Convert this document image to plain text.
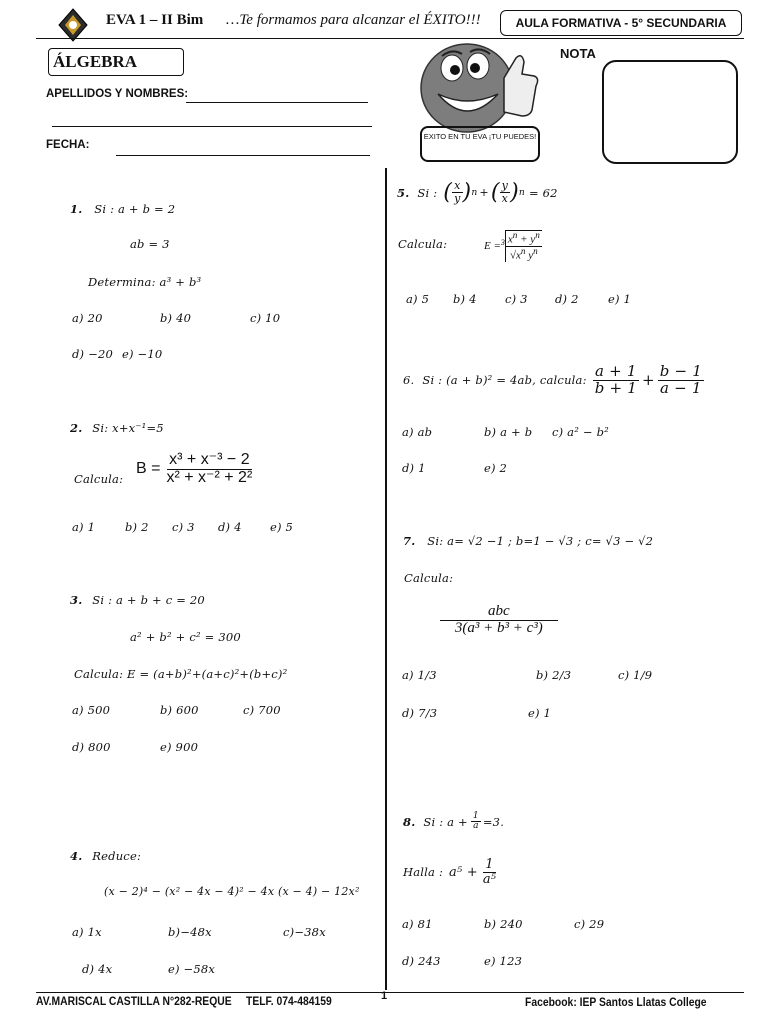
EVA 1 – II Bim …Te formamos para alcanzar el ÉXITO!!!	AULA FORMATIVA - 5° SECUNDARIA
ÁLGEBRA
APELLIDOS Y NOMBRES:
FECHA:
EXITO EN TU EVA ¡TU PUEDES!
NOTA
1. Si : a + b = 2
ab = 3
Determina: a³ + b³
a) 20	b) 40	c) 10
d) −20 e) −10
2. Si: x+x⁻¹=5
Calcula:
$B = \frac{\text{x³ + x⁻³ − 2}}{\text{x² + x⁻² + 2²}}$
a) 1	b) 2 c) 3 d) 4 e) 5
3. Si : a + b + c = 20
a² + b² + c² = 300
Calcula: E = (a+b)²+(a+c)²+(b+c)²
a) 500	b) 600	c) 700
d) 800	e) 900
4. Reduce:
(x − 2)⁴ − (x² − 4x − 4)² − 4x (x − 4) − 12x²
a) 1x	b)−48x	c)−38x
d) 4x	e) −58x
5. Si : ( $\frac{x}{y}$ ) n + ( $\frac{y}{x}$ ) n = 62
Calcula:	$E = 3 \frac{x^n + y^n}{√x^n y^n}$
a) 5 b) 4 c) 3 d) 2	e) 1
6. Si : (a + b)² = 4ab, calcula: $\frac{a + 1}{b + 1} + \frac{b - 1}{a - 1}$
a) ab	b) a + b c) a² − b²
d) 1	e) 2
7. Si: a= √2 −1 ; b=1 − √3 ; c= √3 − √2
Calcula:
$\frac{\text{abc}}{\text{3(a³ + b³ + c³)}}$
a) 1/3	b) 2/3	c) 1/9
d) 7/3	e) 1
8. Si : $a + \frac{1}{a} =3$.
Halla : $a^5 + \frac{1}{\text{a⁵}}$
a) 81	b) 240	c) 29
d) 243	e) 123
AV.MARISCAL CASTILLA N°282-REQUE TELF. 074-484159	1
Facebook: IEP Santos Llatas College
